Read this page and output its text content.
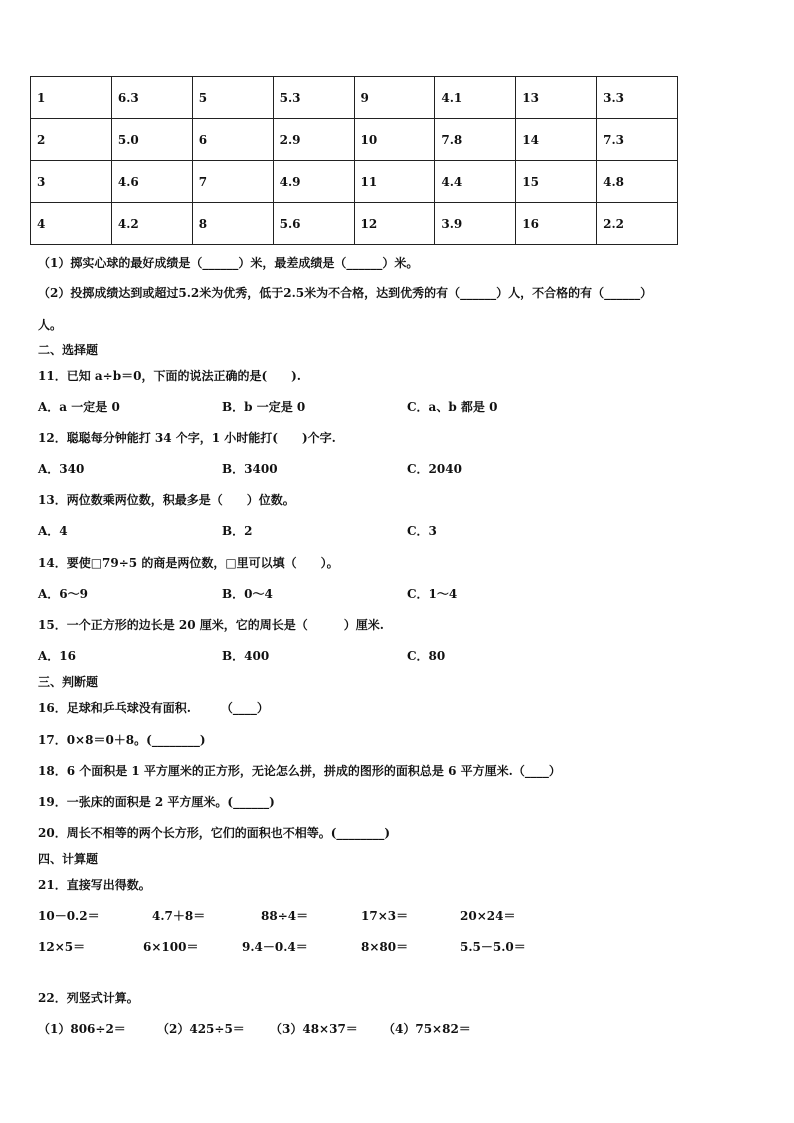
1	6.3	5	5.3	9	4.1	13	3.3
2	5.0	6	2.9	10	7.8	14	7.3
3	4.6	7	4.9	11	4.4	15	4.8
4	4.2	8	5.6	12	3.9	16	2.2
（1）掷实心球的最好成绩是（______）米，最差成绩是（______）米。
（2）投掷成绩达到或超过5.2米为优秀，低于2.5米为不合格，达到优秀的有（______）人，不合格的有（______）
人。
二、选择题
11．已知 a÷b＝0，下面的说法正确的是(　　).
A．a 一定是 0	B．b 一定是 0	C．a、b 都是 0
12．聪聪每分钟能打 34 个字，1 小时能打(　　)个字.
A．340	B．3400	C．2040
13．两位数乘两位数，积最多是（　　）位数。
A．4	B．2	C．3
14．要使□79÷5 的商是两位数，□里可以填（　　）。
A．6～9	B．0～4	C．1～4
15．一个正方形的边长是 20 厘米，它的周长是（　　　）厘米.
A．16	B．400	C．80
三、判断题
16．足球和乒乓球没有面积.　　　（____）
17．0×8＝0＋8。(________)
18．6 个面积是 1 平方厘米的正方形，无论怎么拼，拼成的图形的面积总是 6 平方厘米.（____）
19．一张床的面积是 2 平方厘米。(______)
20．周长不相等的两个长方形，它们的面积也不相等。(________)
四、计算题
21．直接写出得数。
10－0.2＝	4.7＋8＝	88÷4＝	17×3＝	20×24＝
12×5＝	6×100＝	9.4－0.4＝	8×80＝	5.5－5.0＝
22．列竖式计算。
（1）806÷2＝	（2）425÷5＝ （3）48×37＝ （4）75×82＝
